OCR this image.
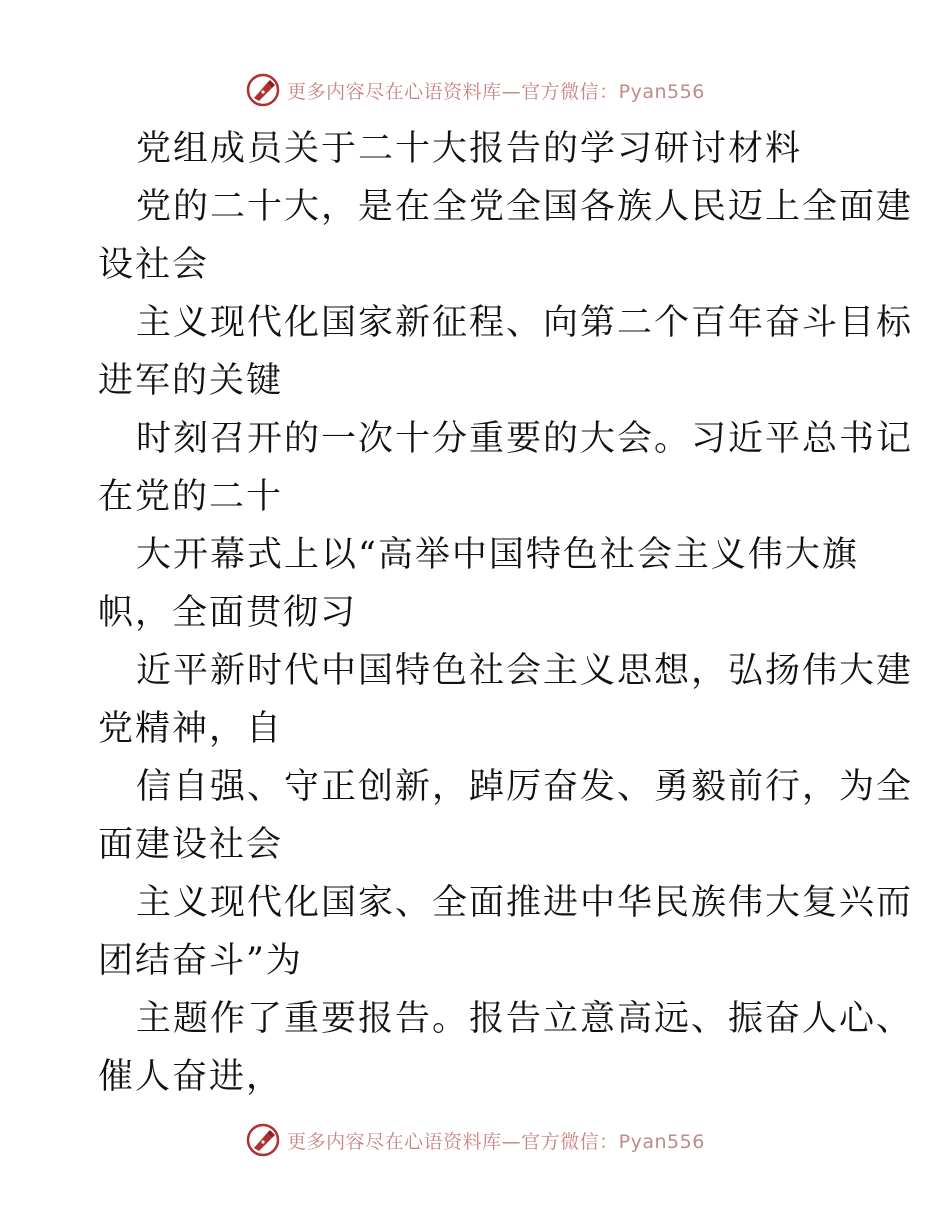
更多内容尽在心语资料库—官方微信：Pyan556
党组成员关于二十大报告的学习研讨材料
党的二十大，是在全党全国各族人民迈上全面建
设社会
主义现代化国家新征程、向第二个百年奋斗目标
进军的关键
时刻召开的一次十分重要的大会。习近平总书记
在党的二十
大开幕式上以“高举中国特色社会主义伟大旗
帜，全面贯彻习
近平新时代中国特色社会主义思想，弘扬伟大建
党精神，自
信自强、守正创新，踔厉奋发、勇毅前行，为全
面建设社会
主义现代化国家、全面推进中华民族伟大复兴而
团结奋斗”为
主题作了重要报告。报告立意高远、振奋人心、
催人奋进，
更多内容尽在心语资料库—官方微信：Pyan556
